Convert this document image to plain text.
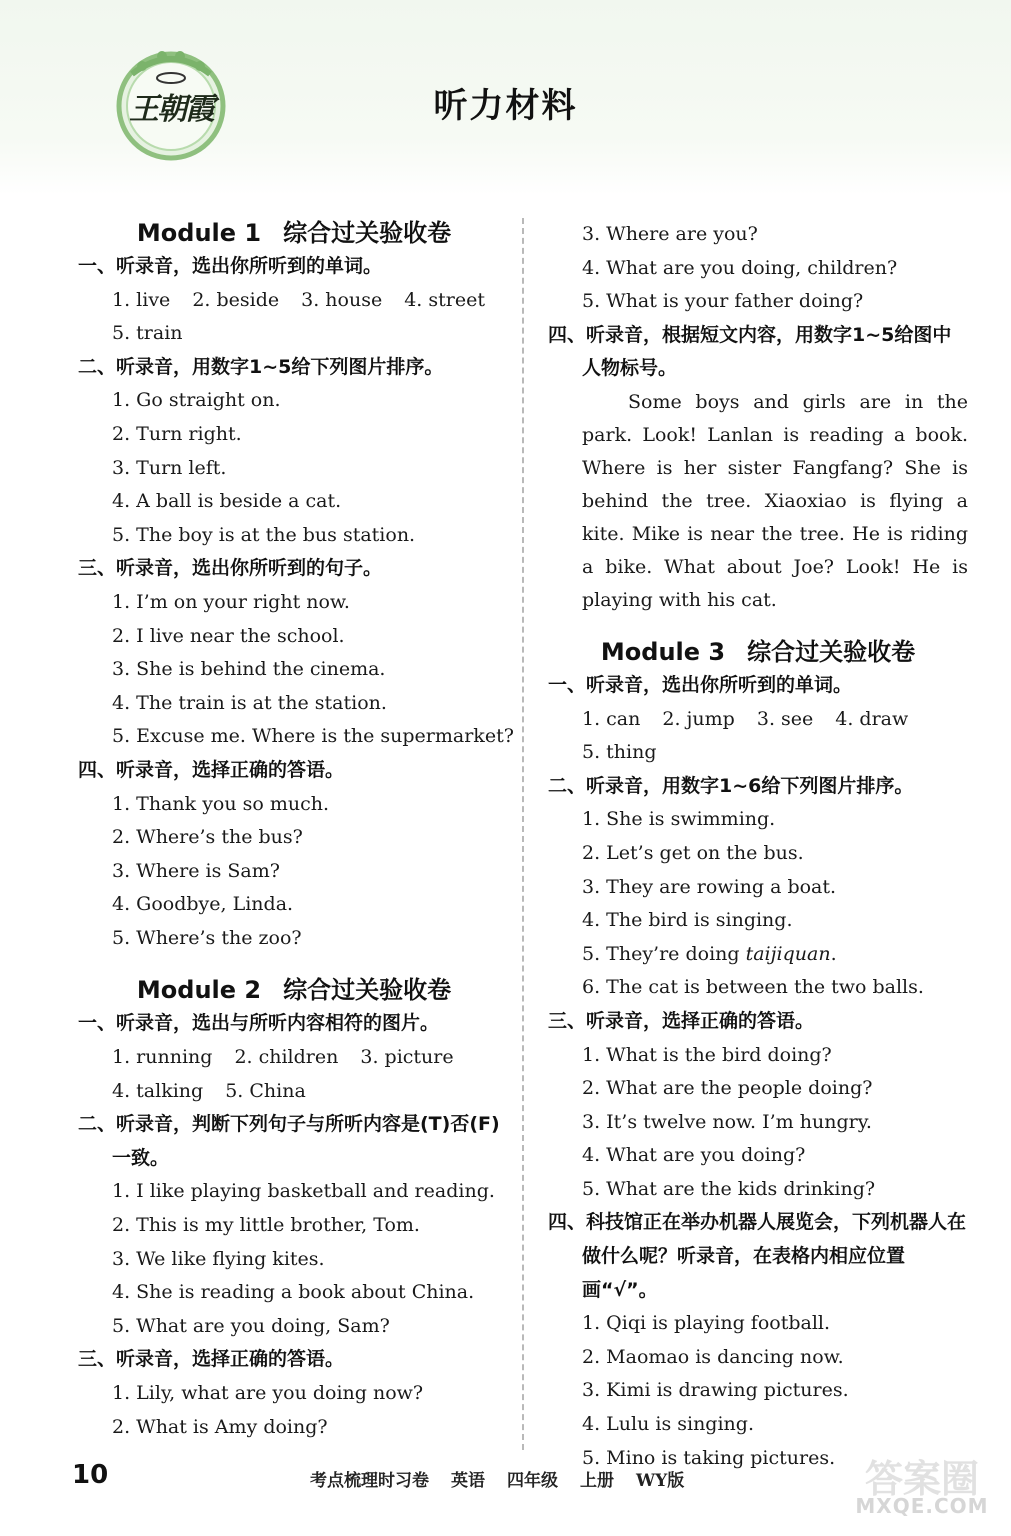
王朝霞	听力材料
Module 1 综合过关验收卷
一、听录音，选出你所听到的单词。
1. live 2. beside 3. house 4. street
5. train
二、听录音，用数字1~5给下列图片排序。
1. Go straight on.
2. Turn right.
3. Turn left.
4. A ball is beside a cat.
5. The boy is at the bus station.
三、听录音，选出你所听到的句子。
1. I’m on your right now.
2. I live near the school.
3. She is behind the cinema.
4. The train is at the station.
5. Excuse me. Where is the supermarket?
四、听录音，选择正确的答语。
1. Thank you so much.
2. Where’s the bus?
3. Where is Sam?
4. Goodbye, Linda.
5. Where’s the zoo?
Module 2 综合过关验收卷
一、听录音，选出与所听内容相符的图片。
1. running 2. children 3. picture
4. talking 5. China
二、听录音，判断下列句子与所听内容是(T)否(F)一致。
1. I like playing basketball and reading.
2. This is my little brother, Tom.
3. We like flying kites.
4. She is reading a book about China.
5. What are you doing, Sam?
三、听录音，选择正确的答语。
1. Lily, what are you doing now?
2. What is Amy doing?
3. Where are you?
4. What are you doing, children?
5. What is your father doing?
四、听录音，根据短文内容，用数字1~5给图中人物标号。

Some boys and girls are in the park. Look! Lanlan is reading a book. Where is her sister Fangfang? She is behind the tree. Xiaoxiao is flying a kite. Mike is near the tree. He is riding a bike. What about Joe? Look! He is playing with his cat.

Module 3 综合过关验收卷
一、听录音，选出你所听到的单词。
1. can 2. jump 3. see 4. draw
5. thing
二、听录音，用数字1~6给下列图片排序。
1. She is swimming.
2. Let’s get on the bus.
3. They are rowing a boat.
4. The bird is singing.
5. They’re doing taijiquan.
6. The cat is between the two balls.
三、听录音，选择正确的答语。
1. What is the bird doing?
2. What are the people doing?
3. It’s twelve now. I’m hungry.
4. What are you doing?
5. What are the kids drinking?
四、科技馆正在举办机器人展览会，下列机器人在做什么呢？听录音，在表格内相应位置画“√”。
1. Qiqi is playing football.
2. Maomao is dancing now.
3. Kimi is drawing pictures.
4. Lulu is singing.
5. Mino is taking pictures.
10	考点梳理时习卷 英语 四年级 上册 WY版	答案圈
MXQE.COM
